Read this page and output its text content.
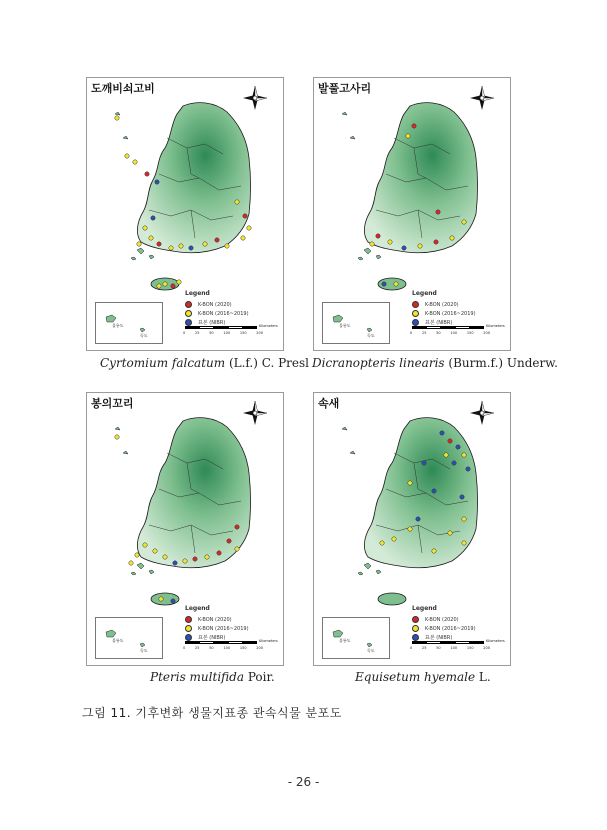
도깨비쇠고비
울릉도
독도
Legend
K-BON (2020)
K-BON (2016~2019)
표본 (NIBR)	Kilometers
0	25	50	100	150	200
발풀고사리
울릉도
독도
Legend
K-BON (2020)
K-BON (2016~2019)
표본 (NIBR)	Kilometers
0	25	50	100	150	200
봉의꼬리
울릉도
독도
Legend
K-BON (2020)
K-BON (2016~2019)
표본 (NIBR)	Kilometers
0	25	50	100	150	200
속새
울릉도
독도
Legend
K-BON (2020)
K-BON (2016~2019)
표본 (NIBR)	Kilometers
0	25	50	100	150	200
Cyrtomium falcatum (L.f.) C. Presl Dicranopteris linearis (Burm.f.) Underw.
Pteris multifida Poir.	Equisetum hyemale L.
그림 11. 기후변화 생물지표종 관속식물 분포도
- 26 -
